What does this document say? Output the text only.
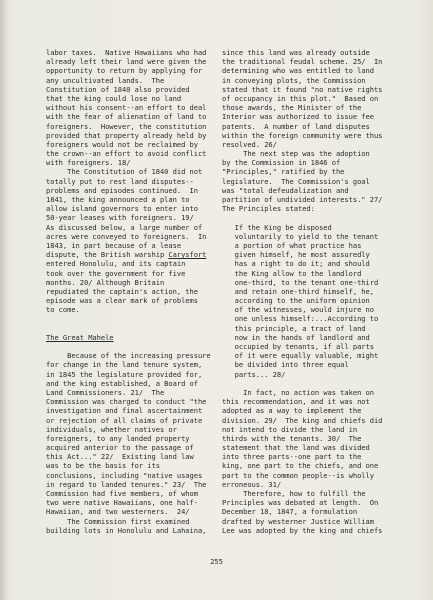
labor taxes.  Native Hawaiians who had
already left their land were given the
opportunity to return by applying for
any uncultivated lands.  The
Constitution of 1840 also provided
that the king could lose no land
without his consent--an effort to deal
with the fear of alienation of land to
foreigners.  However, the constitution
provided that property already held by
foreigners would not be reclaimed by
the crown--an effort to avoid conflict
with foreigners. 18/
The Constitution of 1840 did not
totally put to rest land disputes--
problems and episodes continued.  In
1841, the king announced a plan to
allow island governors to enter into
50-year leases with foreigners. 19/
As discussed below, a large number of
acres were conveyed to foreigners.  In
1843, in part because of a lease
dispute, the British warship Carysfort
entered Honolulu, and its captain
took over the government for five
months. 20/ Although Britain
repudiated the captain's action, the
episode was a clear mark of problems
to come.
The Great Mahele
Because of the increasing pressure
for change in the land tenure system,
in 1845 the legislature provided for,
and the king established, a Board of
Land Commissioners. 21/  The
Commission was charged to conduct "the
investigation and final ascertainment
or rejection of all claims of private
individuals, whether natives or
foreigners, to any landed property
acquired anterior to the passage of
this Act..." 22/  Existing land law
was to be the basis for its
conclusions, including "native usages
in regard to landed tenures." 23/  The
Commission had five members, of whom
two were native Hawaiians, one half-
Hawaiian, and two westerners.  24/
The Commission first examined
building lots in Honolulu and Lahaina,
since this land was already outside
the traditional feudal scheme. 25/  In
determining who was entitled to land
in conveying plots, the Commission
stated that it found "no native rights
of occupancy in this plot."  Based on
those awards, the Minister of the
Interior was authorized to issue fee
patents.  A number of land disputes
within the foreign community were thus
resolved. 26/
The next step was the adoption
by the Commission in 1846 of
"Principles," ratified by the
legislature.  The Commission's goal
was "total defeudalization and
partition of undivided interests." 27/
The Principles stated:
If the King be disposed
voluntarily to yield to the tenant
a portion of what practice has
given himself, he most assuredly
has a right to do it; and should
the King allow to the landlord
one-third, to the tenant one-third
and retain one-third himself, he,
according to the uniform opinion
of the witnesses, would injure no
one unless himself:...According to
this principle, a tract of land
now in the hands of landlord and
occupied by tenants, if all parts
of it were equally valuable, might
be divided into three equal
parts... 28/
In fact, no action was taken on
this recommendation, and it was not
adopted as a way to implement the
division. 29/  The king and chiefs did
not intend to divide the land in
thirds with the tenants. 30/  The
statement that the land was divided
into three parts--one part to the
king, one part to the chiefs, and one
part to the common people--is wholly
erroneous. 31/
Therefore, how to fulfill the
Principles was debated at length.  On
December 18, 1847, a formulation
drafted by westerner Justice William
Lee was adopted by the king and chiefs
255
